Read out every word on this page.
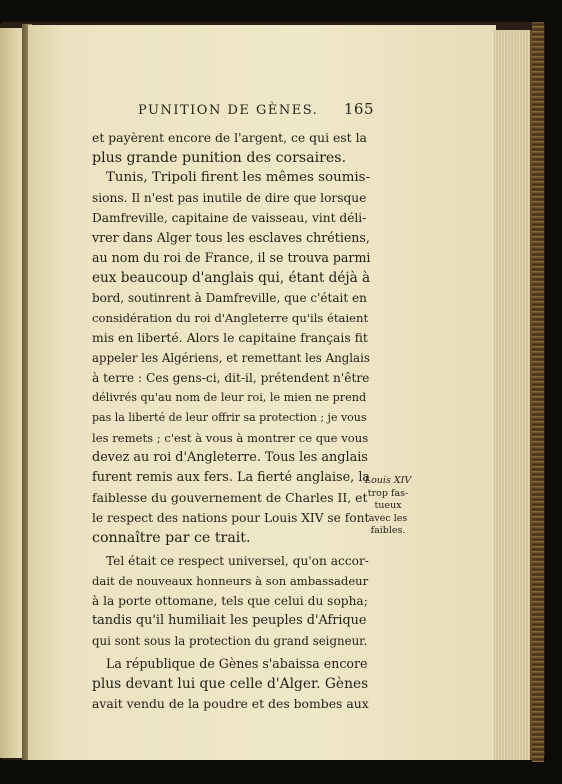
PUNITION DE GÈNES. 165
et payèrent encore de l'argent, ce qui est la
plus grande punition des corsaires.
Tunis, Tripoli firent les mêmes soumis-
sions. Il n'est pas inutile de dire que lorsque
Damfreville, capitaine de vaisseau, vint déli-
vrer dans Alger tous les esclaves chrétiens,
au nom du roi de France, il se trouva parmi
eux beaucoup d'anglais qui, étant déjà à
bord, soutinrent à Damfreville, que c'était en
considération du roi d'Angleterre qu'ils étaient
mis en liberté. Alors le capitaine français fit
appeler les Algériens, et remettant les Anglais
à terre : Ces gens-ci, dit-il, prétendent n'être
délivrés qu'au nom de leur roi, le mien ne prend
pas la liberté de leur offrir sa protection ; je vous
les remets ; c'est à vous à montrer ce que vous
devez au roi d'Angleterre. Tous les anglais
furent remis aux fers. La fierté anglaise, la
faiblesse du gouvernement de Charles II, et
le respect des nations pour Louis XIV se font
connaître par ce trait.
Tel était ce respect universel, qu'on accor-
dait de nouveaux honneurs à son ambassadeur
à la porte ottomane, tels que celui du sopha;
tandis qu'il humiliait les peuples d'Afrique
qui sont sous la protection du grand seigneur.
La république de Gènes s'abaissa encore
plus devant lui que celle d'Alger. Gènes
avait vendu de la poudre et des bombes aux
Louis XIV
trop fas-
tueux
avec les
faibles.
